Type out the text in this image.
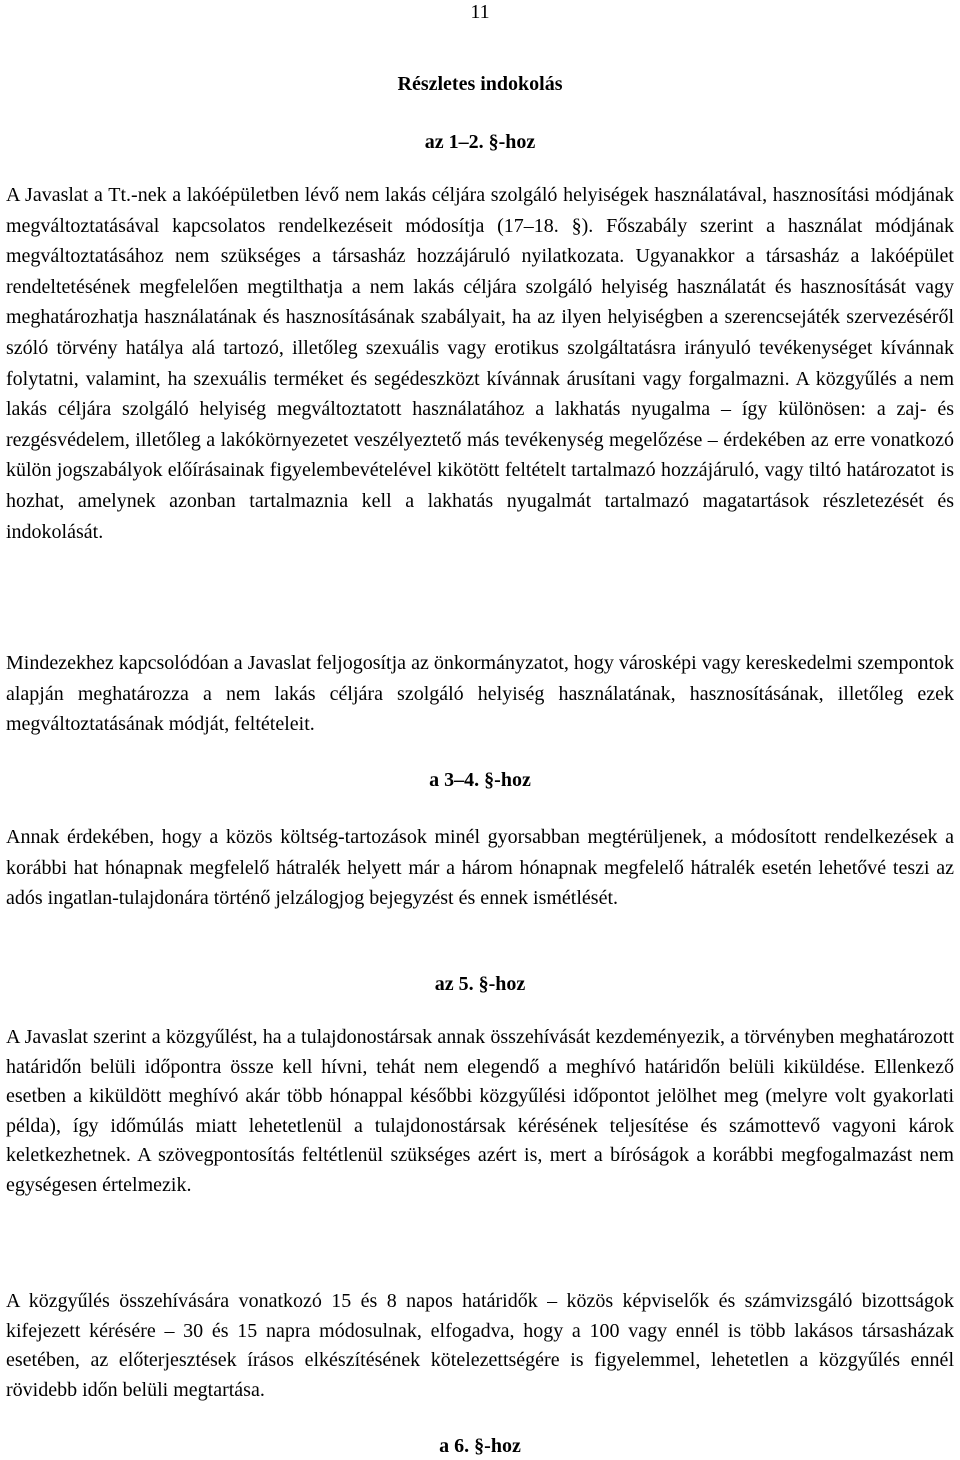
11
Részletes indokolás
az 1–2. §-hoz

A Javaslat a Tt.-nek a lakóépületben lévő nem lakás céljára szolgáló helyiségek használatával, hasznosítási módjának megváltoztatásával kapcsolatos rendelkezéseit módosítja (17–18. §). Főszabály szerint a használat módjának megváltoztatásához nem szükséges a társasház hozzájáruló nyilatkozata. Ugyanakkor a társasház a lakóépület rendeltetésének megfelelően megtilthatja a nem lakás céljára szolgáló helyiség használatát és hasznosítását vagy meghatározhatja használatának és hasznosításának szabályait, ha az ilyen helyiségben a szerencsejáték szervezéséről szóló törvény hatálya alá tartozó, illetőleg szexuális vagy erotikus szolgáltatásra irányuló tevékenységet kívánnak folytatni, valamint, ha szexuális terméket és segédeszközt kívánnak árusítani vagy forgalmazni. A közgyűlés a nem lakás céljára szolgáló helyiség megváltoztatott használatához a lakhatás nyugalma – így különösen: a zaj- és rezgésvédelem, illetőleg a lakókörnyezetet veszélyeztető más tevékenység megelőzése – érdekében az erre vonatkozó külön jogszabályok előírásainak figyelembevételével kikötött feltételt tartalmazó hozzájáruló, vagy tiltó határozatot is hozhat, amelynek azonban tartalmaznia kell a lakhatás nyugalmát tartalmazó magatartások részletezését és indokolását.

Mindezekhez kapcsolódóan a Javaslat feljogosítja az önkormányzatot, hogy városképi vagy kereskedelmi szempontok alapján meghatározza a nem lakás céljára szolgáló helyiség használatának, hasznosításának, illetőleg ezek megváltoztatásának módját, feltételeit.

a 3–4. §-hoz

Annak érdekében, hogy a közös költség-tartozások minél gyorsabban megtérüljenek, a módosított rendelkezések a korábbi hat hónapnak megfelelő hátralék helyett már a három hónapnak megfelelő hátralék esetén lehetővé teszi az adós ingatlan-tulajdonára történő jelzálogjog bejegyzést és ennek ismétlését.

az 5. §-hoz

A Javaslat szerint a közgyűlést, ha a tulajdonostársak annak összehívását kezdeményezik, a törvényben meghatározott határidőn belüli időpontra össze kell hívni, tehát nem elegendő a meghívó határidőn belüli kiküldése. Ellenkező esetben a kiküldött meghívó akár több hónappal későbbi közgyűlési időpontot jelölhet meg (melyre volt gyakorlati példa), így időmúlás miatt lehetetlenül a tulajdonostársak kérésének teljesítése és számottevő vagyoni károk keletkezhetnek. A szövegpontosítás feltétlenül szükséges azért is, mert a bíróságok a korábbi megfogalmazást nem egységesen értelmezik.

A közgyűlés összehívására vonatkozó 15 és 8 napos határidők – közös képviselők és számvizsgáló bizottságok kifejezett kérésére – 30 és 15 napra módosulnak, elfogadva, hogy a 100 vagy ennél is több lakásos társasházak esetében, az előterjesztések írásos elkészítésének kötelezettségére is figyelemmel, lehetetlen a közgyűlés ennél rövidebb időn belüli megtartása.

a 6. §-hoz
